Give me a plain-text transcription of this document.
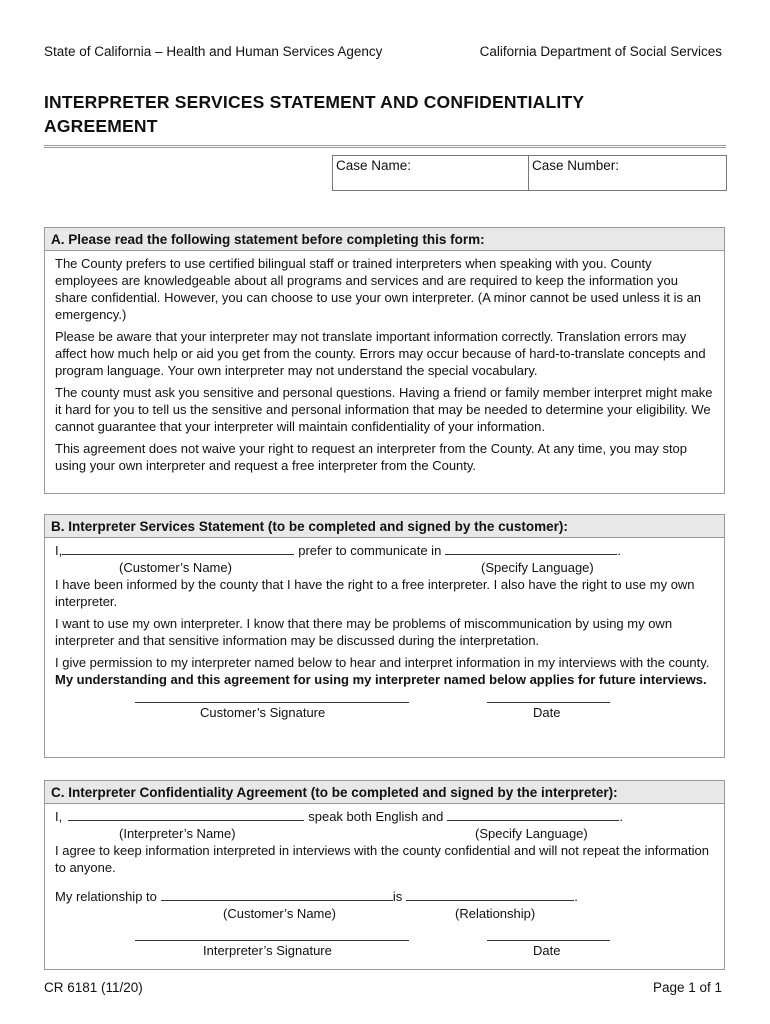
State of California – Health and Human Services Agency	California Department of Social Services
INTERPRETER SERVICES STATEMENT AND CONFIDENTIALITY AGREEMENT
Case Name:	Case Number:
A. Please read the following statement before completing this form:

The County prefers to use certified bilingual staff or trained interpreters when speaking with you. County employees are knowledgeable about all programs and services and are required to keep the information you share confidential. However, you can choose to use your own interpreter. (A minor cannot be used unless it is an emergency.)

Please be aware that your interpreter may not translate important information correctly. Translation errors may affect how much help or aid you get from the county. Errors may occur because of hard-to-translate concepts and program language. Your own interpreter may not understand the special vocabulary.

The county must ask you sensitive and personal questions. Having a friend or family member interpret might make it hard for you to tell us the sensitive and personal information that may be needed to determine your eligibility. We cannot guarantee that your interpreter will maintain confidentiality of your information.

This agreement does not waive your right to request an interpreter from the County. At any time, you may stop using your own interpreter and request a free interpreter from the County.

B. Interpreter Services Statement (to be completed and signed by the customer):
I,	prefer to communicate in	.
(Customer’s Name)	(Specify Language)

I have been informed by the county that I have the right to a free interpreter. I also have the right to use my own interpreter.

I want to use my own interpreter. I know that there may be problems of miscommunication by using my own interpreter and that sensitive information may be discussed during the interpretation.

I give permission to my interpreter named below to hear and interpret information in my interviews with the county. My understanding and this agreement for using my interpreter named below applies for future interviews.

Customer’s Signature	Date
C. Interpreter Confidentiality Agreement (to be completed and signed by the interpreter):
I,	speak both English and	.
(Interpreter’s Name)	(Specify Language)

I agree to keep information interpreted in interviews with the county confidential and will not repeat the information to anyone.

My relationship to	is	.
(Customer’s Name)	(Relationship)
Interpreter’s Signature	Date
CR 6181 (11/20)	Page 1 of 1
